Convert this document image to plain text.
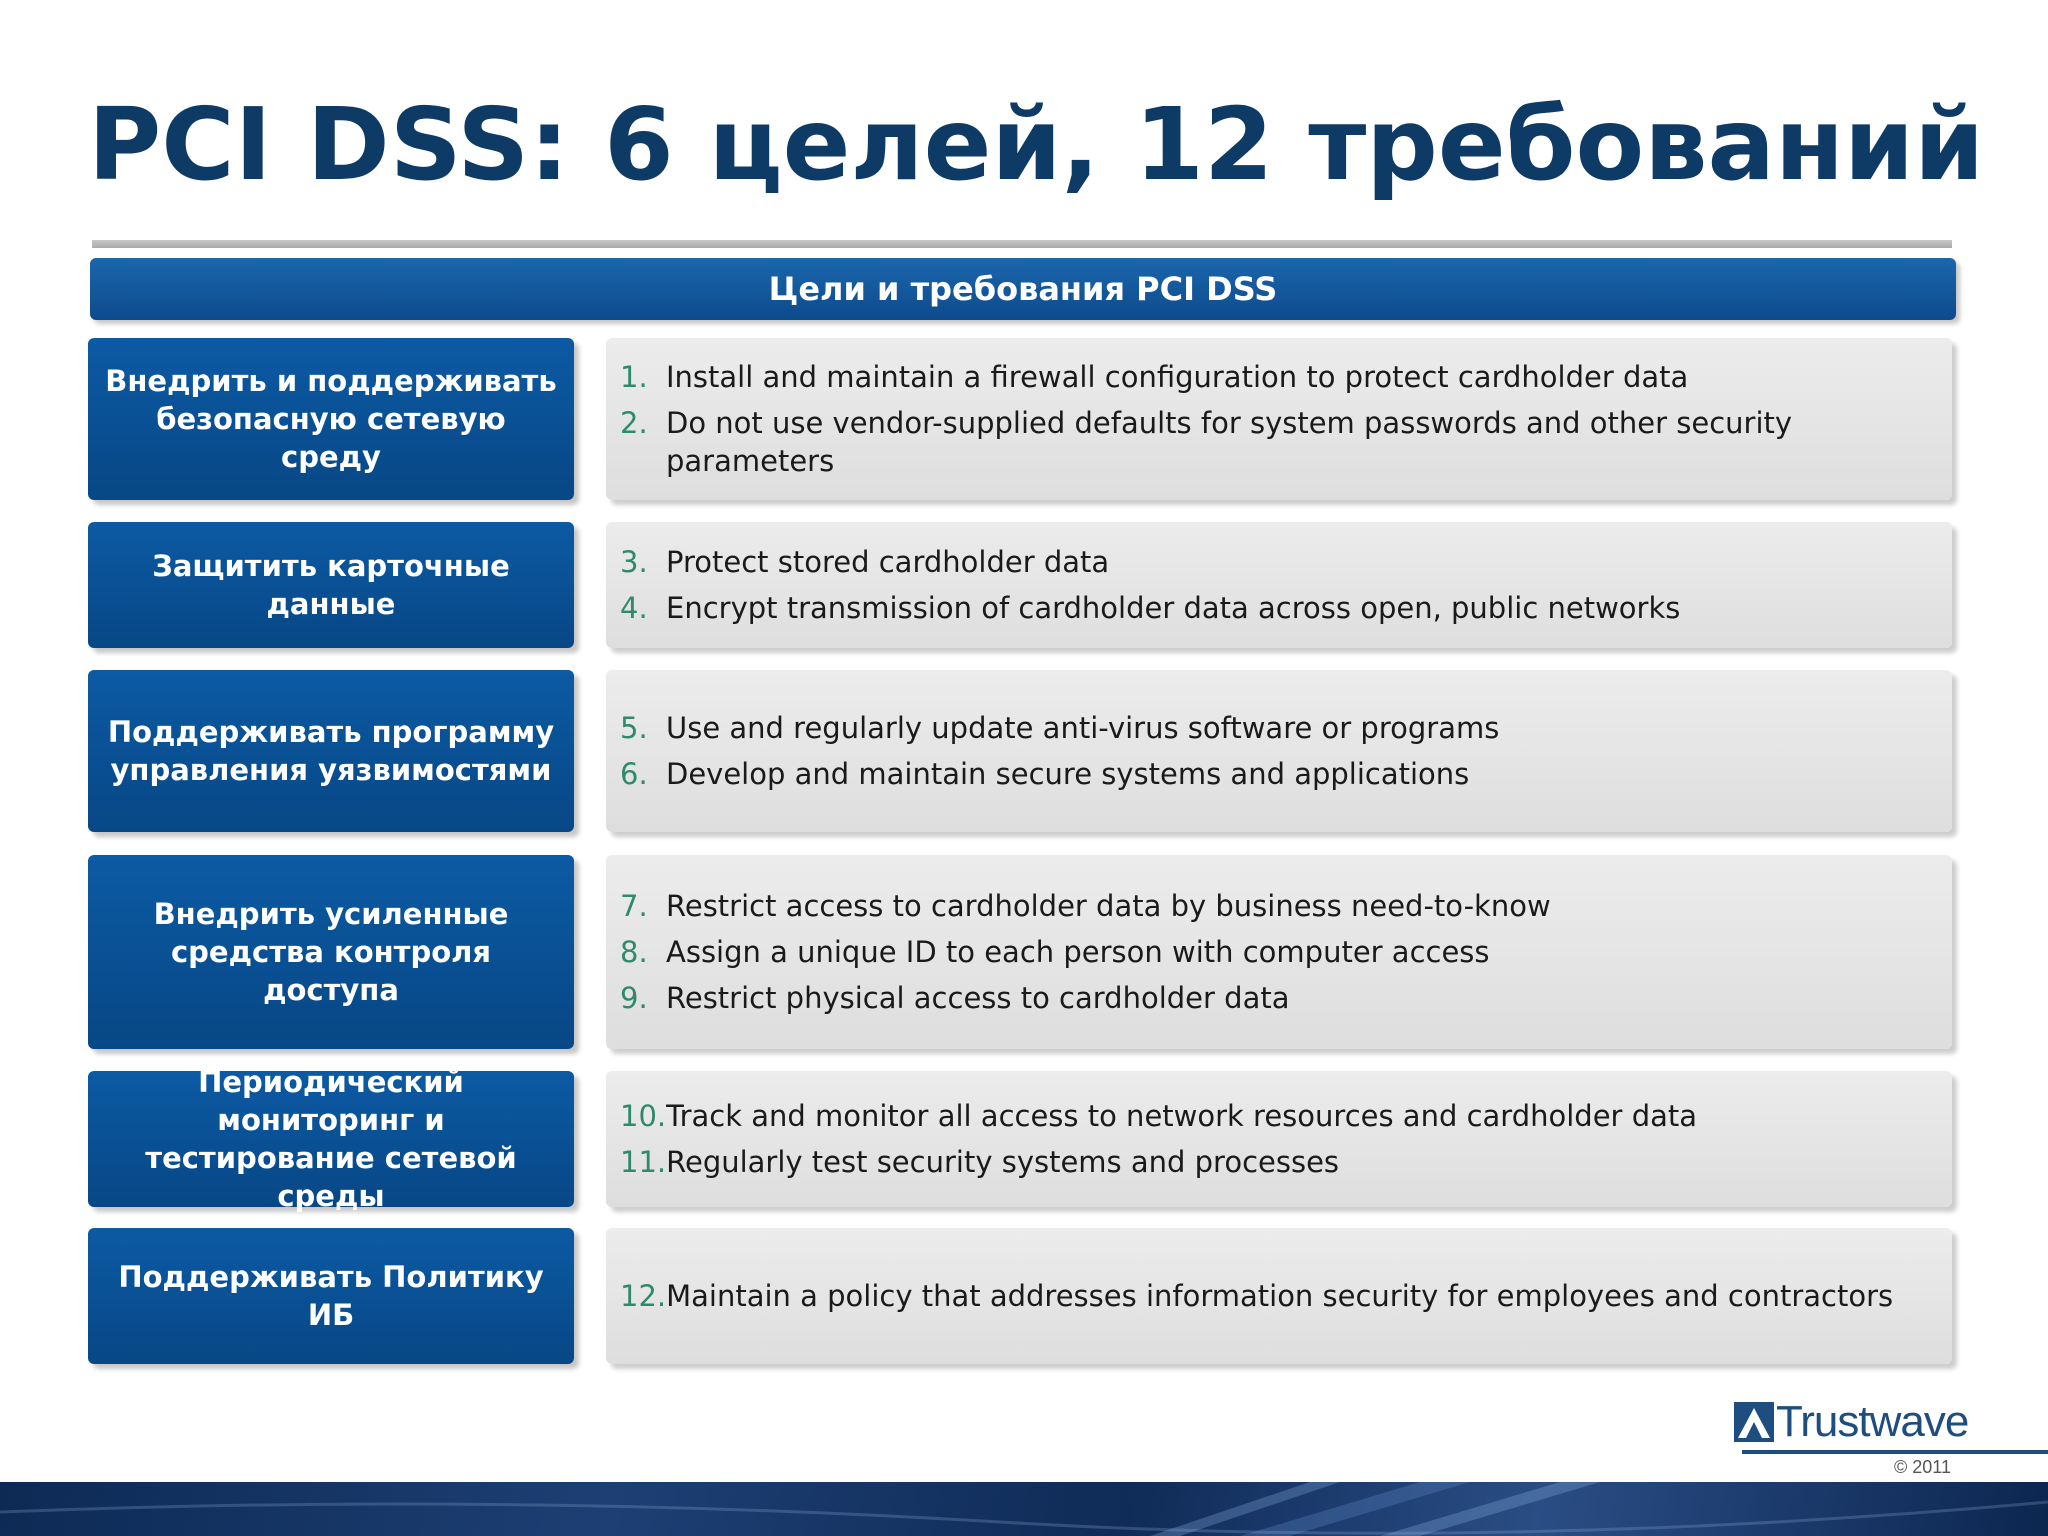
PCI DSS: 6 целей, 12 требований
Цели и требования PCI DSS
Внедрить и поддерживать безопасную сетевую среду
1. Install and maintain a firewall configuration to protect cardholder data
2. Do not use vendor-supplied defaults for system passwords and other security parameters
Защитить карточные данные
3. Protect stored cardholder data
4. Encrypt transmission of cardholder data across open, public networks
Поддерживать программу управления уязвимостями
5. Use and regularly update anti-virus software or programs
6. Develop and maintain secure systems and applications
Внедрить усиленные средства контроля доступа
7. Restrict access to cardholder data by business need-to-know
8. Assign a unique ID to each person with computer access
9. Restrict physical access to cardholder data
Периодический мониторинг и тестирование сетевой среды
10. Track and monitor all access to network resources and cardholder data
11. Regularly test security systems and processes
Поддерживать Политику ИБ
12. Maintain a policy that addresses information security for employees and contractors
Trustwave
© 2011
